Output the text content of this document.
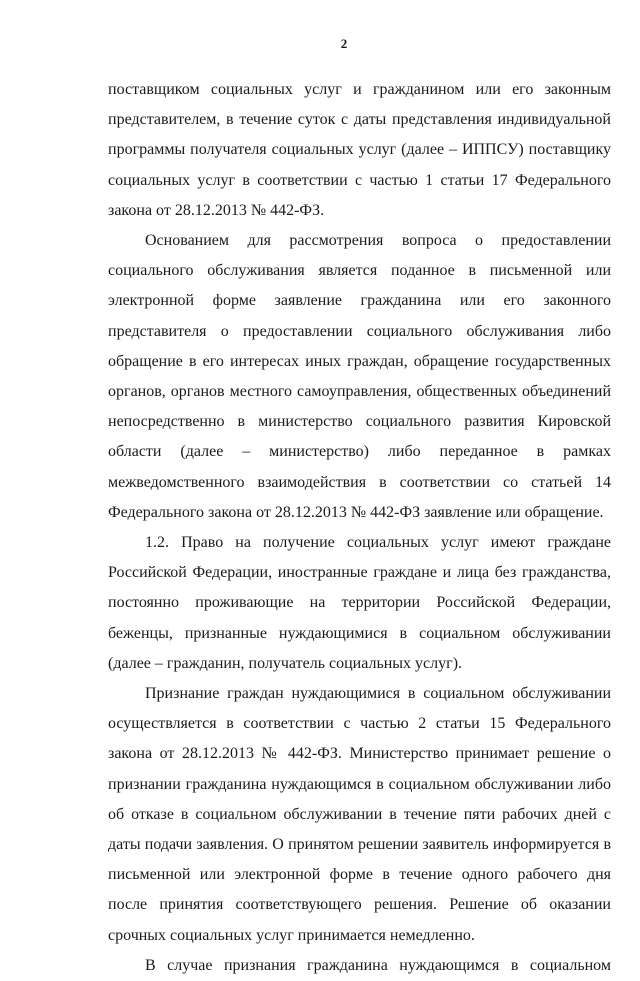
2

поставщиком социальных услуг и гражданином или его законным представителем, в течение суток с даты представления индивидуальной программы получателя социальных услуг (далее – ИППСУ) поставщику социальных услуг в соответствии с частью 1 статьи 17 Федерального закона от 28.12.2013 № 442-ФЗ.

Основанием для рассмотрения вопроса о предоставлении социального обслуживания является поданное в письменной или электронной форме заявление гражданина или его законного представителя о предоставлении социального обслуживания либо обращение в его интересах иных граждан, обращение государственных органов, органов местного самоуправления, общественных объединений непосредственно в министерство социального развития Кировской области (далее – министерство) либо переданное в рамках межведомственного взаимодействия в соответствии со статьей 14 Федерального закона от 28.12.2013 № 442-ФЗ заявление или обращение.

1.2. Право на получение социальных услуг имеют граждане Российской Федерации, иностранные граждане и лица без гражданства, постоянно проживающие на территории Российской Федерации, беженцы, признанные нуждающимися в социальном обслуживании (далее – гражданин, получатель социальных услуг).

Признание граждан нуждающимися в социальном обслуживании осуществляется в соответствии с частью 2 статьи 15 Федерального закона от 28.12.2013 № 442-ФЗ. Министерство принимает решение о признании гражданина нуждающимся в социальном обслуживании либо об отказе в социальном обслуживании в течение пяти рабочих дней с даты подачи заявления. О принятом решении заявитель информируется в письменной или электронной форме в течение одного рабочего дня после принятия соответствующего решения. Решение об оказании срочных социальных услуг принимается немедленно.

В случае признания гражданина нуждающимся в социальном
